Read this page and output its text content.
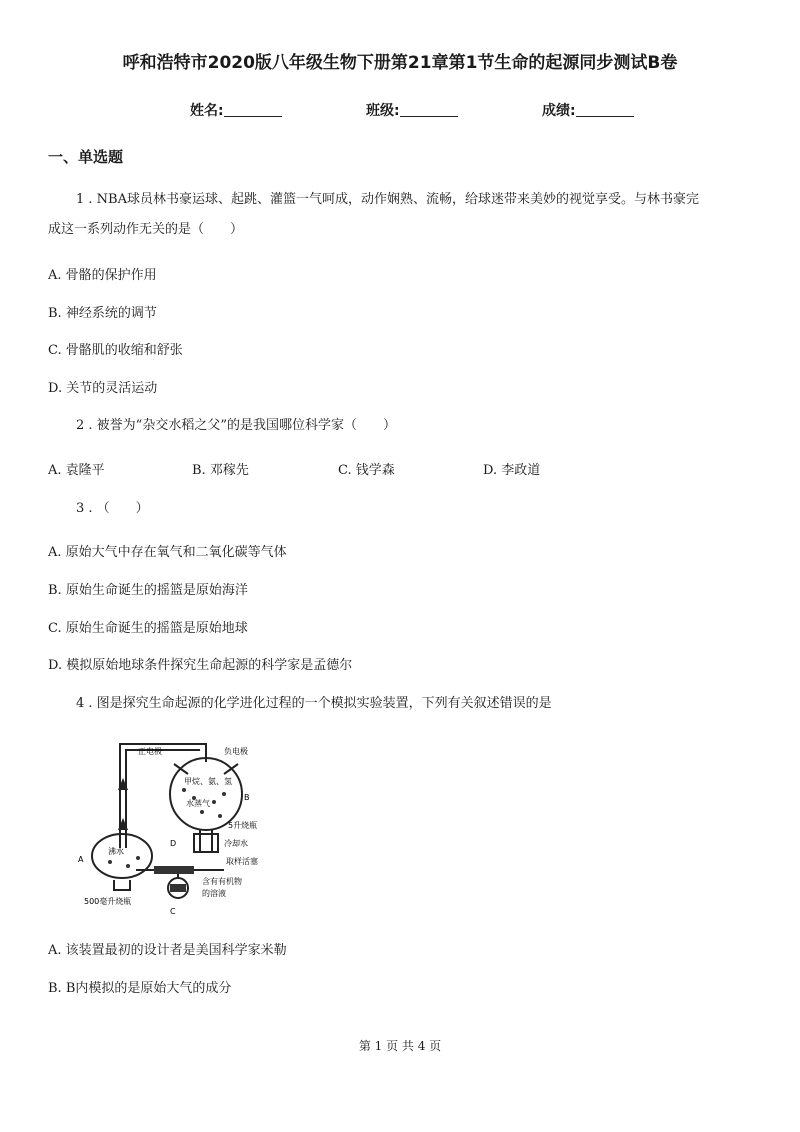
呼和浩特市2020版八年级生物下册第21章第1节生命的起源同步测试B卷
姓名:	班级:	成绩:
一、单选题
1 . NBA球员林书豪运球、起跳、灌篮一气呵成，动作娴熟、流畅，给球迷带来美妙的视觉享受。与林书豪完
成这一系列动作无关的是（　　）
A. 骨骼的保护作用
B. 神经系统的调节
C. 骨骼肌的收缩和舒张
D. 关节的灵活运动
2 . 被誉为“杂交水稻之父”的是我国哪位科学家（　　）
A. 袁隆平	B. 邓稼先	C. 钱学森	D. 李政道
3 . （　　）
A. 原始大气中存在氧气和二氧化碳等气体
B. 原始生命诞生的摇篮是原始海洋
C. 原始生命诞生的摇篮是原始地球
D. 模拟原始地球条件探究生命起源的科学家是孟德尔
4 . 图是探究生命起源的化学进化过程的一个模拟实验装置，下列有关叙述错误的是
正电极	负电极
甲烷、氨、氢
水蒸气
B
5升烧瓶
冷却水
D
沸水
A	取样活塞
含有有机物
的溶液
500毫升烧瓶
C
A. 该装置最初的设计者是美国科学家米勒
B. B内模拟的是原始大气的成分
第 1 页 共 4 页
